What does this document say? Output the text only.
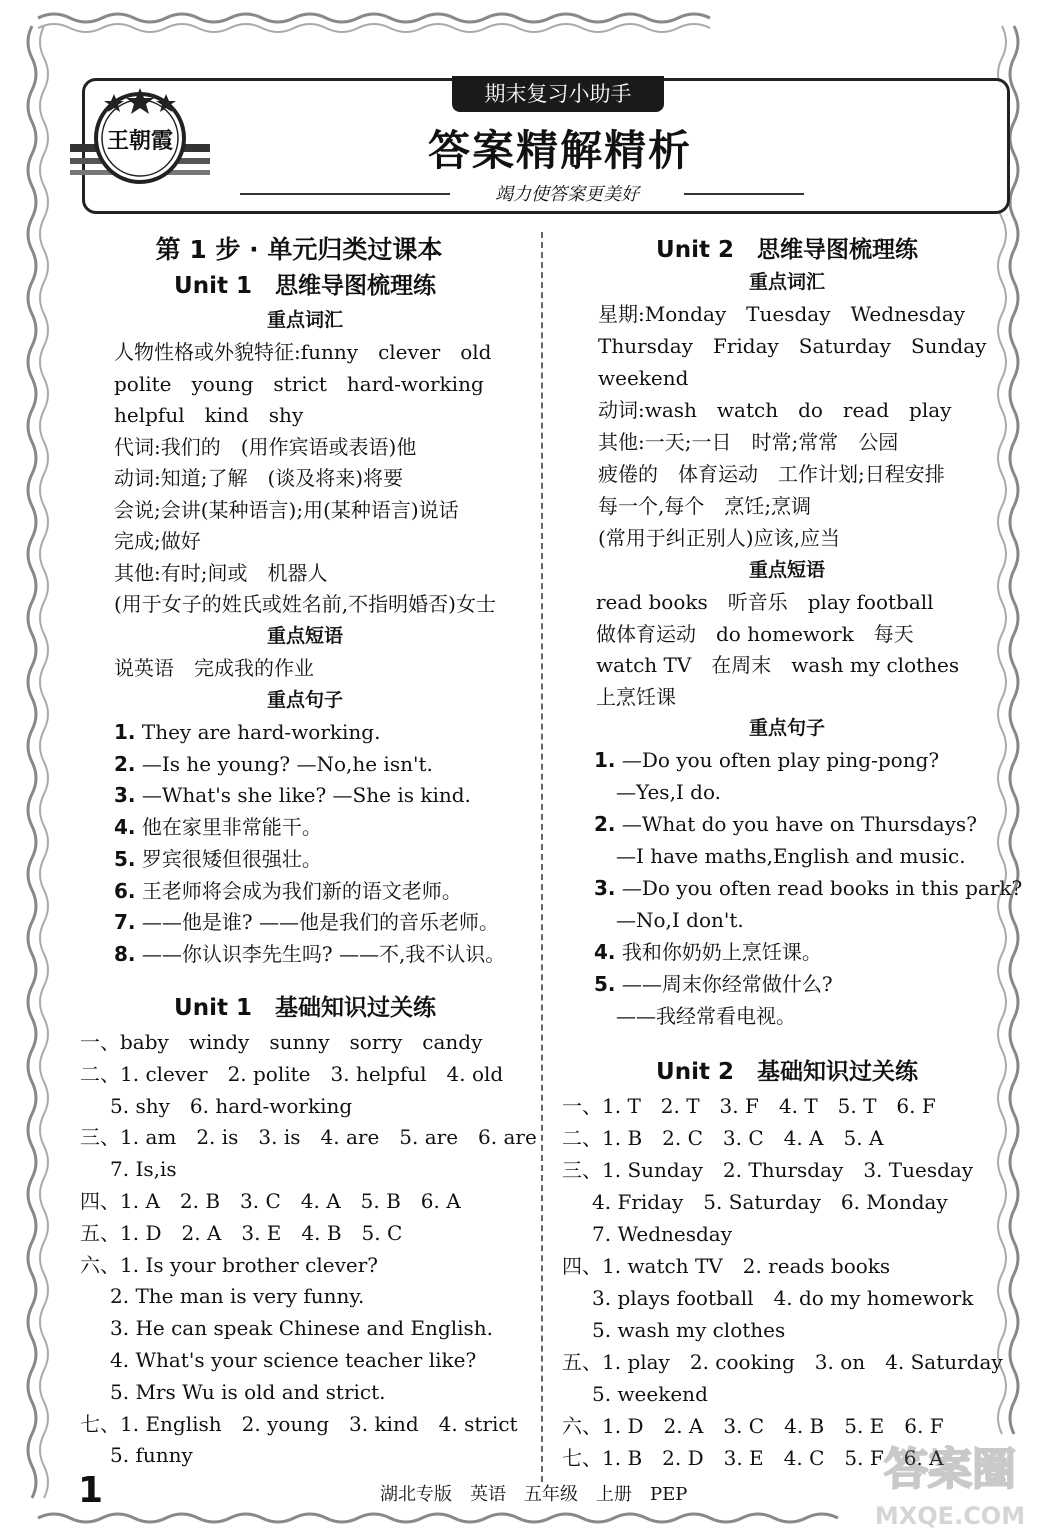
王朝霞
期末复习小助手
答案精解精析
竭力使答案更美好
第 1 步 · 单元归类过课本
Unit 1　思维导图梳理练
重点词汇
人物性格或外貌特征:funny　clever　old
polite　young　strict　hard-working
helpful　kind　shy
代词:我们的　(用作宾语或表语)他
动词:知道;了解　(谈及将来)将要
会说;会讲(某种语言);用(某种语言)说话
完成;做好
其他:有时;间或　机器人
(用于女子的姓氏或姓名前,不指明婚否)女士
重点短语
说英语　完成我的作业
重点句子
1. They are hard-working.
2. —Is he young? —No,he isn't.
3. —What's she like? —She is kind.
4. 他在家里非常能干。
5. 罗宾很矮但很强壮。
6. 王老师将会成为我们新的语文老师。
7. ——他是谁? ——他是我们的音乐老师。
8. ——你认识李先生吗? ——不,我不认识。
Unit 1　基础知识过关练
一、baby　windy　sunny　sorry　candy
二、1. clever　2. polite　3. helpful　4. old
5. shy　6. hard-working
三、1. am　2. is　3. is　4. are　5. are　6. are
7. Is,is
四、1. A　2. B　3. C　4. A　5. B　6. A
五、1. D　2. A　3. E　4. B　5. C
六、1. Is your brother clever?
2. The man is very funny.
3. He can speak Chinese and English.
4. What's your science teacher like?
5. Mrs Wu is old and strict.
七、1. English　2. young　3. kind　4. strict
5. funny
Unit 2　思维导图梳理练
重点词汇
星期:Monday　Tuesday　Wednesday
Thursday　Friday　Saturday　Sunday
weekend
动词:wash　watch　do　read　play
其他:一天;一日　时常;常常　公园
疲倦的　体育运动　工作计划;日程安排
每一个,每个　烹饪;烹调
(常用于纠正别人)应该,应当
重点短语
read books　听音乐　play football
做体育运动　do homework　每天
watch TV　在周末　wash my clothes
上烹饪课
重点句子
1. —Do you often play ping-pong?
—Yes,I do.
2. —What do you have on Thursdays?
—I have maths,English and music.
3. —Do you often read books in this park?
—No,I don't.
4. 我和你奶奶上烹饪课。
5. ——周末你经常做什么?
——我经常看电视。
Unit 2　基础知识过关练
一、1. T　2. T　3. F　4. T　5. T　6. F
二、1. B　2. C　3. C　4. A　5. A
三、1. Sunday　2. Thursday　3. Tuesday
4. Friday　5. Saturday　6. Monday
7. Wednesday
四、1. watch TV　2. reads books
3. plays football　4. do my homework
5. wash my clothes
五、1. play　2. cooking　3. on　4. Saturday
5. weekend
六、1. D　2. A　3. C　4. B　5. E　6. F
七、1. B　2. D　3. E　4. C　5. F　6. A
1	湖北专版　英语　五年级　上册　PEP	答案圈
MXQE.COM
